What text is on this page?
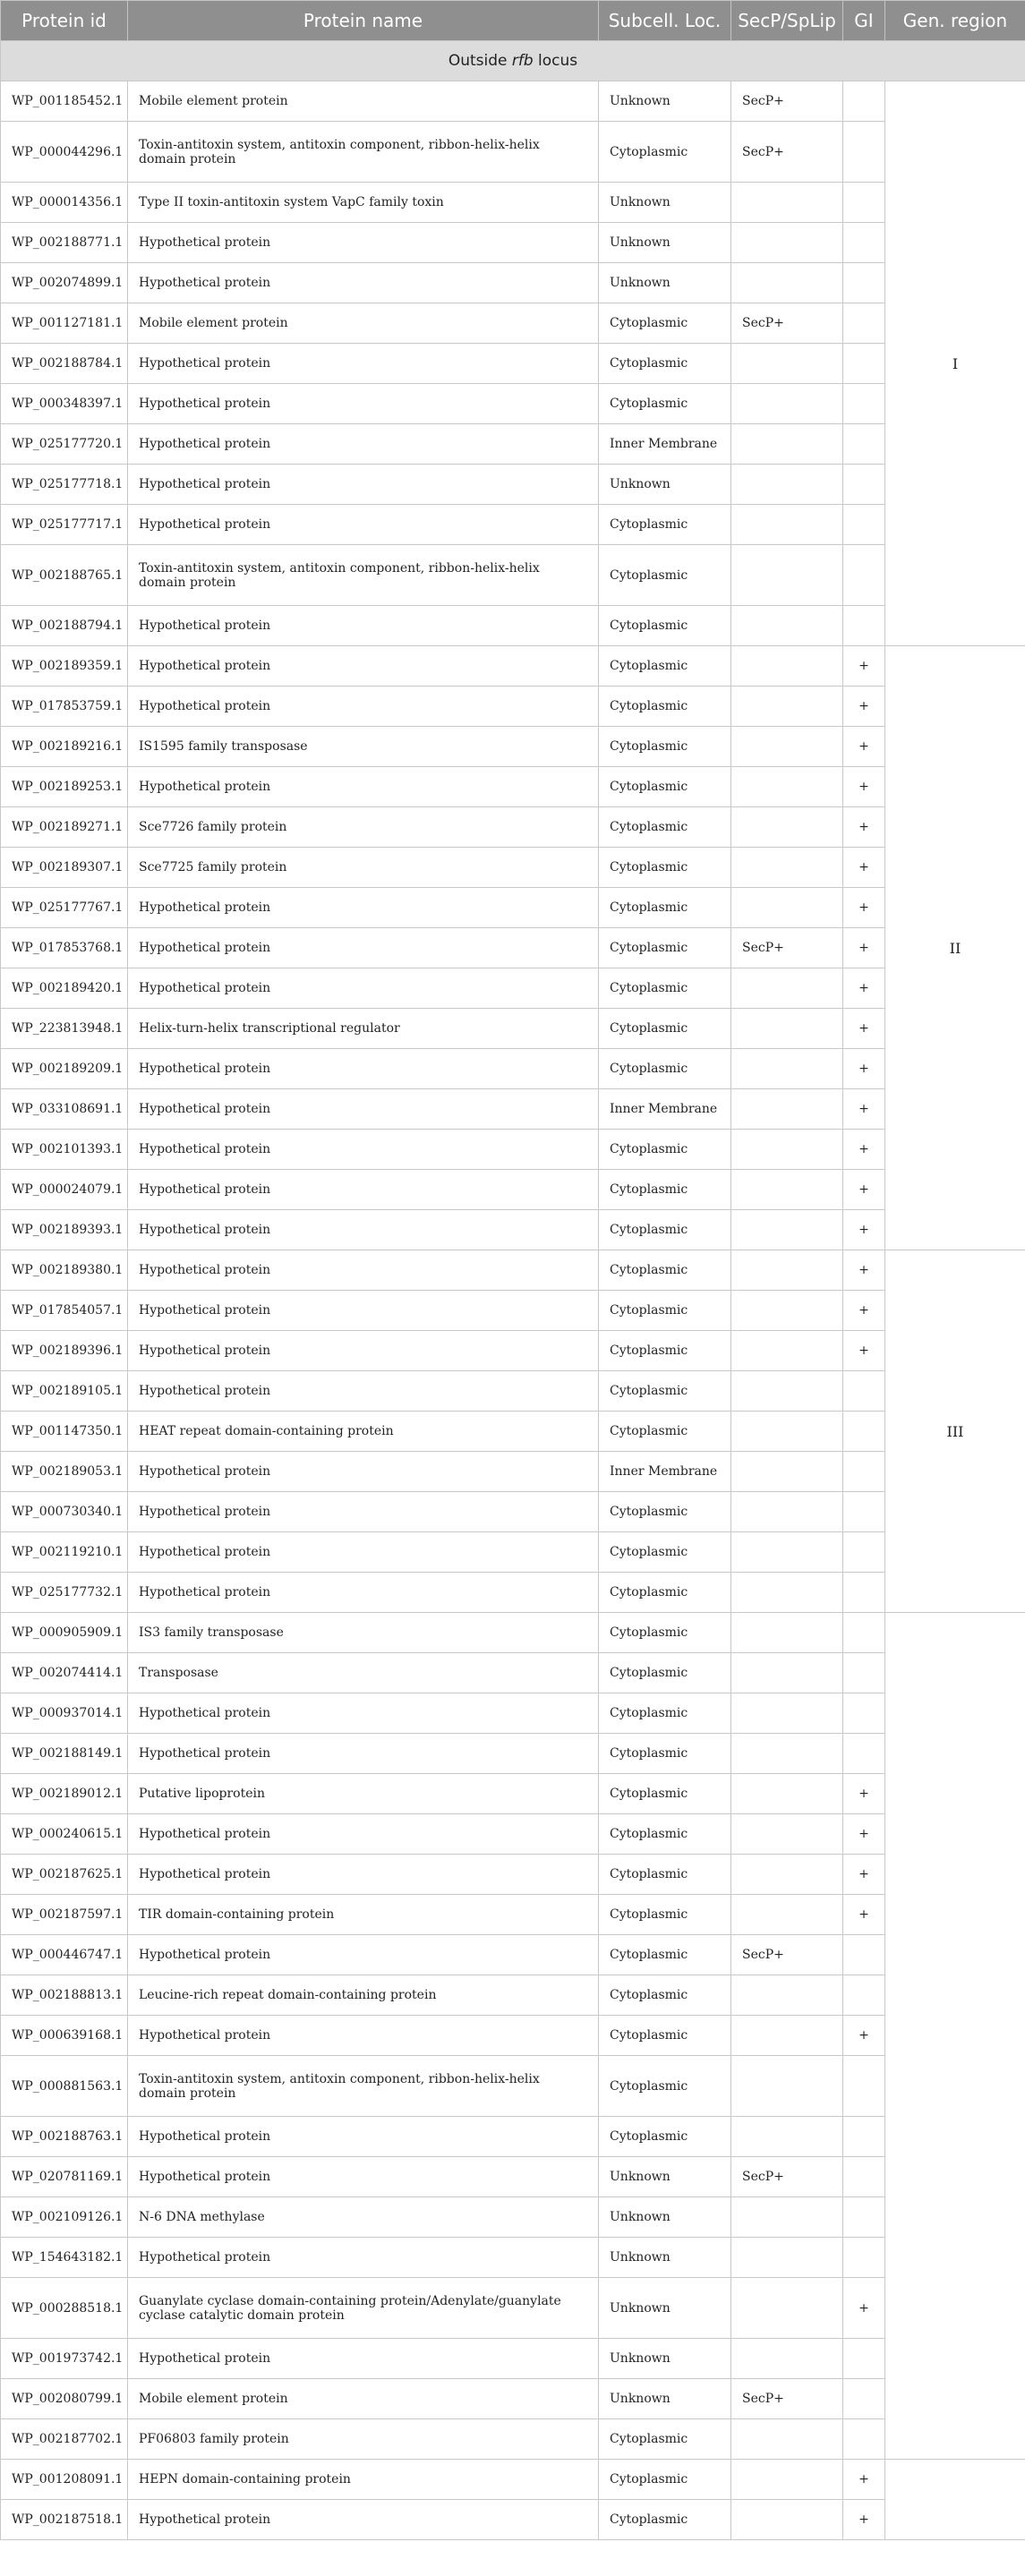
Protein id	Protein name	Subcell. Loc.	SecP/SpLip	GI	Gen. region
Outside rfb locus					
WP_001185452.1	Mobile element protein	Unknown	SecP+		I
WP_000044296.1	Toxin-antitoxin system, antitoxin component, ribbon-helix-helix domain protein	Cytoplasmic	SecP+		
WP_000014356.1	Type II toxin-antitoxin system VapC family toxin	Unknown			
WP_002188771.1	Hypothetical protein	Unknown			
WP_002074899.1	Hypothetical protein	Unknown			
WP_001127181.1	Mobile element protein	Cytoplasmic	SecP+		
WP_002188784.1	Hypothetical protein	Cytoplasmic			
WP_000348397.1	Hypothetical protein	Cytoplasmic			
WP_025177720.1	Hypothetical protein	Inner Membrane			
WP_025177718.1	Hypothetical protein	Unknown			
WP_025177717.1	Hypothetical protein	Cytoplasmic			
WP_002188765.1	Toxin-antitoxin system, antitoxin component, ribbon-helix-helix domain protein	Cytoplasmic			
WP_002188794.1	Hypothetical protein	Cytoplasmic			
WP_002189359.1	Hypothetical protein	Cytoplasmic		+	II
WP_017853759.1	Hypothetical protein	Cytoplasmic		+	
WP_002189216.1	IS1595 family transposase	Cytoplasmic		+	
WP_002189253.1	Hypothetical protein	Cytoplasmic		+	
WP_002189271.1	Sce7726 family protein	Cytoplasmic		+	
WP_002189307.1	Sce7725 family protein	Cytoplasmic		+	
WP_025177767.1	Hypothetical protein	Cytoplasmic		+	
WP_017853768.1	Hypothetical protein	Cytoplasmic	SecP+	+	
WP_002189420.1	Hypothetical protein	Cytoplasmic		+	
WP_223813948.1	Helix-turn-helix transcriptional regulator	Cytoplasmic		+	
WP_002189209.1	Hypothetical protein	Cytoplasmic		+	
WP_033108691.1	Hypothetical protein	Inner Membrane		+	
WP_002101393.1	Hypothetical protein	Cytoplasmic		+	
WP_000024079.1	Hypothetical protein	Cytoplasmic		+	
WP_002189393.1	Hypothetical protein	Cytoplasmic		+	
WP_002189380.1	Hypothetical protein	Cytoplasmic		+	III
WP_017854057.1	Hypothetical protein	Cytoplasmic		+	
WP_002189396.1	Hypothetical protein	Cytoplasmic		+	
WP_002189105.1	Hypothetical protein	Cytoplasmic			
WP_001147350.1	HEAT repeat domain-containing protein	Cytoplasmic			
WP_002189053.1	Hypothetical protein	Inner Membrane			
WP_000730340.1	Hypothetical protein	Cytoplasmic			
WP_002119210.1	Hypothetical protein	Cytoplasmic			
WP_025177732.1	Hypothetical protein	Cytoplasmic			
WP_000905909.1	IS3 family transposase	Cytoplasmic			
WP_002074414.1	Transposase	Cytoplasmic			
WP_000937014.1	Hypothetical protein	Cytoplasmic			
WP_002188149.1	Hypothetical protein	Cytoplasmic			
WP_002189012.1	Putative lipoprotein	Cytoplasmic		+	
WP_000240615.1	Hypothetical protein	Cytoplasmic		+	
WP_002187625.1	Hypothetical protein	Cytoplasmic		+	
WP_002187597.1	TIR domain-containing protein	Cytoplasmic		+	
WP_000446747.1	Hypothetical protein	Cytoplasmic	SecP+		
WP_002188813.1	Leucine-rich repeat domain-containing protein	Cytoplasmic			
WP_000639168.1	Hypothetical protein	Cytoplasmic		+	
WP_000881563.1	Toxin-antitoxin system, antitoxin component, ribbon-helix-helix domain protein	Cytoplasmic			
WP_002188763.1	Hypothetical protein	Cytoplasmic			
WP_020781169.1	Hypothetical protein	Unknown	SecP+		
WP_002109126.1	N-6 DNA methylase	Unknown			
WP_154643182.1	Hypothetical protein	Unknown			
WP_000288518.1	Guanylate cyclase domain-containing protein/Adenylate/guanylate cyclase catalytic domain protein	Unknown		+	
WP_001973742.1	Hypothetical protein	Unknown			
WP_002080799.1	Mobile element protein	Unknown	SecP+		
WP_002187702.1	PF06803 family protein	Cytoplasmic			
WP_001208091.1	HEPN domain-containing protein	Cytoplasmic		+	
WP_002187518.1	Hypothetical protein	Cytoplasmic		+	
